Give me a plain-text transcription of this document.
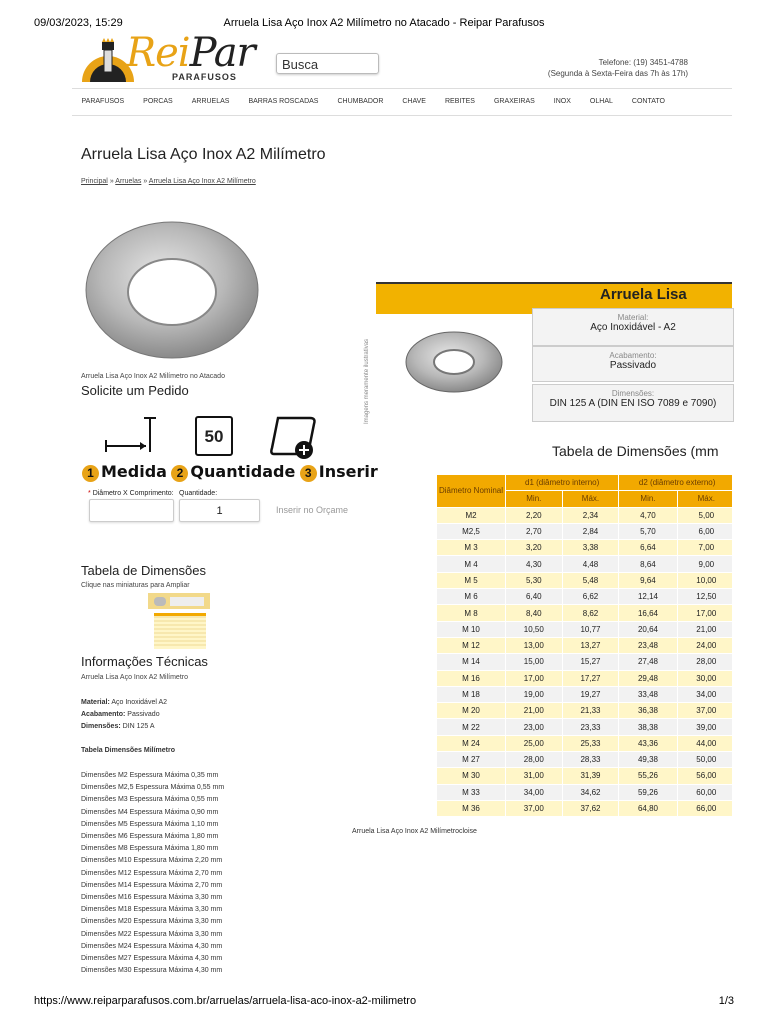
09/03/2023, 15:29	Arruela Lisa Aço Inox A2 Milímetro no Atacado - Reipar Parafusos
ReiPar
PARAFUSOS
Busca	Telefone: (19) 3451-4788
(Segunda à Sexta-Feira das 7h às 17h)
PARAFUSOS	PORCAS	ARRUELAS	BARRAS ROSCADAS	CHUMBADOR	CHAVE	REBITES	GRAXEIRAS	INOX	OLHAL	CONTATO
Arruela Lisa Aço Inox A2 Milímetro
Principal » Arruelas » Arruela Lisa Aço Inox A2 Milímetro
Arruela Lisa Aço Inox A2 Milímetro no Atacado
Solicite um Pedido
50
1 Medida 2 Quantidade 3 Inserir
* Diâmetro X Comprimento: Quantidade:
1	Inserir no Orçame
Tabela de Dimensões
Clique nas miniaturas para Ampliar
Informações Técnicas
Arruela Lisa Aço Inox A2 Milímetro
Material: Aço Inoxidável A2
Acabamento: Passivado
Dimensões: DIN 125 A
Tabela Dimensões Milímetro
Dimensões M2 Espessura Máxima 0,35 mm
Dimensões M2,5 Espessura Máxima 0,55 mm
Dimensões M3 Espessura Máxima 0,55 mm
Dimensões M4 Espessura Máxima 0,90 mm
Dimensões M5 Espessura Máxima 1,10 mm
Dimensões M6 Espessura Máxima 1,80 mm
Dimensões M8 Espessura Máxima 1,80 mm
Dimensões M10 Espessura Máxima 2,20 mm
Dimensões M12 Espessura Máxima 2,70 mm
Dimensões M14 Espessura Máxima 2,70 mm
Dimensões M16 Espessura Máxima 3,30 mm
Dimensões M18 Espessura Máxima 3,30 mm
Dimensões M20 Espessura Máxima 3,30 mm
Dimensões M22 Espessura Máxima 3,30 mm
Dimensões M24 Espessura Máxima 4,30 mm
Dimensões M27 Espessura Máxima 4,30 mm
Dimensões M30 Espessura Máxima 4,30 mm
Arruela Lisa
Imagens meramente ilustrativas
Material:
Aço Inoxidável - A2
Acabamento:
Passivado
Dimensões:
DIN 125 A (DIN EN ISO 7089 e 7090)
Tabela de Dimensões (mm
Diâmetro Nominal	d1 (diâmetro interno)		d2 (diâmetro externo)	
	Min.	Máx.	Min.	Máx.
M2	2,20	2,34	4,70	5,00
M2,5	2,70	2,84	5,70	6,00
M 3	3,20	3,38	6,64	7,00
M 4	4,30	4,48	8,64	9,00
M 5	5,30	5,48	9,64	10,00
M 6	6,40	6,62	12,14	12,50
M 8	8,40	8,62	16,64	17,00
M 10	10,50	10,77	20,64	21,00
M 12	13,00	13,27	23,48	24,00
M 14	15,00	15,27	27,48	28,00
M 16	17,00	17,27	29,48	30,00
M 18	19,00	19,27	33,48	34,00
M 20	21,00	21,33	36,38	37,00
M 22	23,00	23,33	38,38	39,00
M 24	25,00	25,33	43,36	44,00
M 27	28,00	28,33	49,38	50,00
M 30	31,00	31,39	55,26	56,00
M 33	34,00	34,62	59,26	60,00
M 36	37,00	37,62	64,80	66,00
Arruela Lisa Aço Inox A2 Milímetrocloise
https://www.reiparparafusos.com.br/arruelas/arruela-lisa-aco-inox-a2-milimetro	1/3
